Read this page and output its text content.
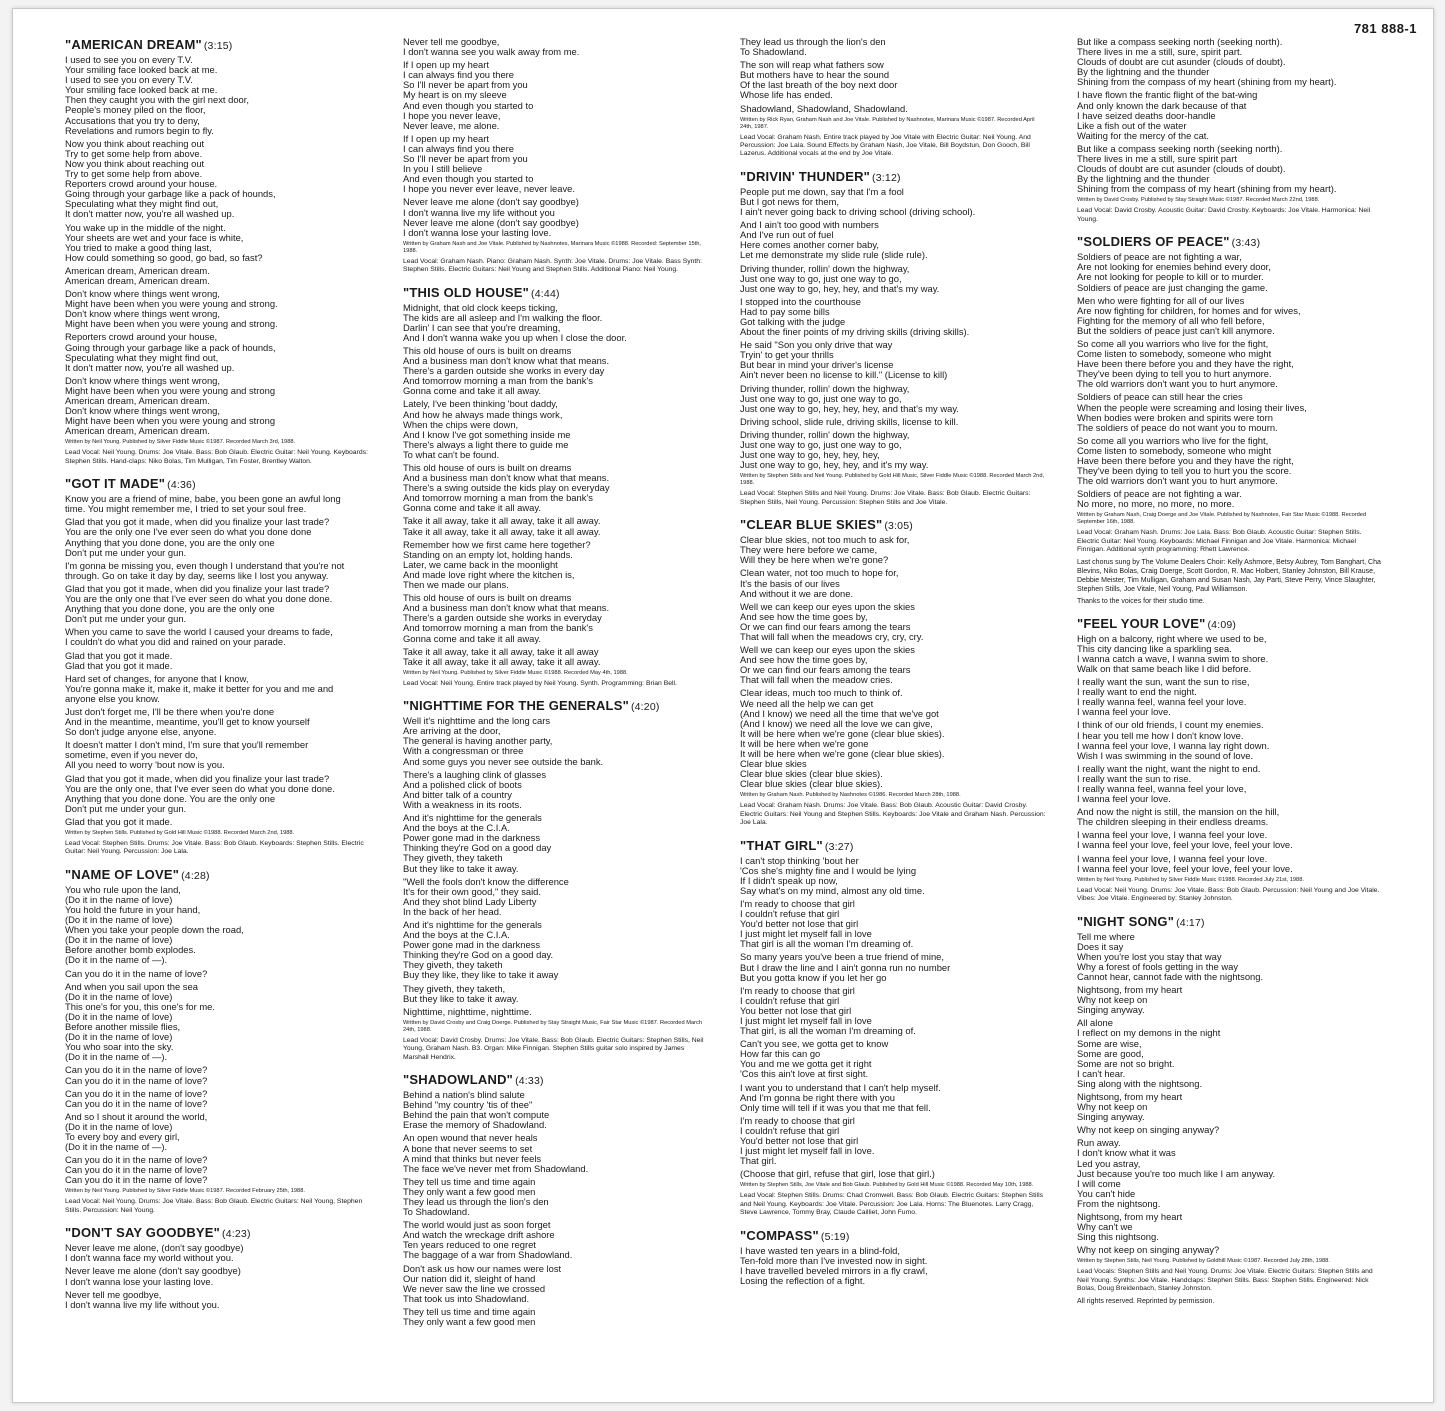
781 888-1
"AMERICAN DREAM" (3:15)
I used to see you on every T.V.
Your smiling face looked back at me.
I used to see you on every T.V.
Your smiling face looked back at me.
Then they caught you with the girl next door,
People's money piled on the floor,
Accusations that you try to deny,
Revelations and rumors begin to fly.
Now you think about reaching out
Try to get some help from above.
Now you think about reaching out
Try to get some help from above.
Reporters crowd around your house.
Going through your garbage like a pack of hounds,
Speculating what they might find out,
It don't matter now, you're all washed up.
You wake up in the middle of the night.
Your sheets are wet and your face is white,
You tried to make a good thing last,
How could something so good, go bad, so fast?
American dream, American dream.
American dream, American dream.
Don't know where things went wrong,
Might have been when you were young and strong.
Don't know where things went wrong,
Might have been when you were young and strong.
Reporters crowd around your house,
Going through your garbage like a pack of hounds,
Speculating what they might find out,
It don't matter now, you're all washed up.
Don't know where things went wrong,
Might have been when you were young and strong
American dream, American dream.
Don't know where things went wrong,
Might have been when you were young and strong
American dream, American dream.
Written by Neil Young. Published by Silver Fiddle Music ©1987. Recorded March 3rd, 1988.
Lead Vocal: Neil Young. Drums: Joe Vitale. Bass: Bob Glaub. Electric Guitar: Neil Young. Keyboards: Stephen Stills. Hand-claps: Niko Bolas, Tim Mulligan, Tim Foster, Brentley Walton.
"GOT IT MADE" (4:36)
Know you are a friend of mine, babe, you been gone an awful long
time. You might remember me, I tried to set your soul free.
Glad that you got it made, when did you finalize your last trade?
You are the only one I've ever seen do what you done done
Anything that you done done, you are the only one
Don't put me under your gun.
I'm gonna be missing you, even though I understand that you're not
through. Go on take it day by day, seems like I lost you anyway.
Glad that you got it made, when did you finalize your last trade?
You are the only one that I've ever seen do what you done done.
Anything that you done done, you are the only one
Don't put me under your gun.
When you came to save the world I caused your dreams to fade,
I couldn't do what you did and rained on your parade.
Glad that you got it made.
Glad that you got it made.
Hard set of changes, for anyone that I know,
You're gonna make it, make it, make it better for you and me and
anyone else you know.
Just don't forget me, I'll be there when you're done
And in the meantime, meantime, you'll get to know yourself
So don't judge anyone else, anyone.
It doesn't matter I don't mind, I'm sure that you'll remember
sometime, even if you never do,
All you need to worry 'bout now is you.
Glad that you got it made, when did you finalize your last trade?
You are the only one, that I've ever seen do what you done done.
Anything that you done done. You are the only one
Don't put me under your gun.
Glad that you got it made.
Written by Stephen Stills. Published by Gold Hill Music ©1988. Recorded March 2nd, 1988.
Lead Vocal: Stephen Stills. Drums: Joe Vitale. Bass: Bob Glaub. Keyboards: Stephen Stills. Electric Guitar: Neil Young. Percussion: Joe Lala.
"NAME OF LOVE" (4:28)
You who rule upon the land,
(Do it in the name of love)
You hold the future in your hand,
(Do it in the name of love)
When you take your people down the road,
(Do it in the name of love)
Before another bomb explodes.
(Do it in the name of —).
Can you do it in the name of love?
And when you sail upon the sea
(Do it in the name of love)
This one's for you, this one's for me.
(Do it in the name of love)
Before another missile flies,
(Do it in the name of love)
You who soar into the sky.
(Do it in the name of —).
Can you do it in the name of love?
Can you do it in the name of love?
Can you do it in the name of love?
Can you do it in the name of love?
And so I shout it around the world,
(Do it in the name of love)
To every boy and every girl,
(Do it in the name of —).
Can you do it in the name of love?
Can you do it in the name of love?
Can you do it in the name of love?
Written by Neil Young. Published by Silver Fiddle Music ©1987. Recorded February 25th, 1988.
Lead Vocal: Neil Young. Drums: Joe Vitale. Bass: Bob Glaub. Electric Guitars: Neil Young, Stephen Stills. Percussion: Neil Young.
"DON'T SAY GOODBYE" (4:23)
Never leave me alone, (don't say goodbye)
I don't wanna face my world without you.
Never leave me alone (don't say goodbye)
I don't wanna lose your lasting love.
Never tell me goodbye,
I don't wanna live my life without you.
Never tell me goodbye,
I don't wanna see you walk away from me.
If I open up my heart
I can always find you there
So I'll never be apart from you
My heart is on my sleeve
And even though you started to
I hope you never leave,
Never leave, me alone.
If I open up my heart
I can always find you there
So I'll never be apart from you
In you I still believe
And even though you started to
I hope you never ever leave, never leave.
Never leave me alone (don't say goodbye)
I don't wanna live my life without you
Never leave me alone (don't say goodbye)
I don't wanna lose your lasting love.
Written by Graham Nash and Joe Vitale. Published by Nashnotes, Marinara Music ©1988. Recorded: September 15th, 1988.
Lead Vocal: Graham Nash. Piano: Graham Nash. Synth: Joe Vitale. Drums: Joe Vitale. Bass Synth: Stephen Stills. Electric Guitars: Neil Young and Stephen Stills. Additional Piano: Neil Young.
"THIS OLD HOUSE" (4:44)
Midnight, that old clock keeps ticking,
The kids are all asleep and I'm walking the floor.
Darlin' I can see that you're dreaming,
And I don't wanna wake you up when I close the door.
This old house of ours is built on dreams
And a business man don't know what that means.
There's a garden outside she works in every day
And tomorrow morning a man from the bank's
Gonna come and take it all away.
Lately, I've been thinking 'bout daddy,
And how he always made things work,
When the chips were down,
And I know I've got something inside me
There's always a light there to guide me
To what can't be found.
This old house of ours is built on dreams
And a business man don't know what that means.
There's a swing outside the kids play on everyday
And tomorrow morning a man from the bank's
Gonna come and take it all away.
Take it all away, take it all away, take it all away.
Take it all away, take it all away, take it all away.
Remember how we first came here together?
Standing on an empty lot, holding hands.
Later, we came back in the moonlight
And made love right where the kitchen is,
Then we made our plans.
This old house of ours is built on dreams
And a business man don't know what that means.
There's a garden outside she works in everyday
And tomorrow morning a man from the bank's
Gonna come and take it all away.
Take it all away, take it all away, take it all away
Take it all away, take it all away, take it all away.
Written by Neil Young. Published by Silver Fiddle Music ©1988. Recorded May 4th, 1988.
Lead Vocal: Neil Young. Entire track played by Neil Young. Synth. Programming: Brian Bell.
"NIGHTTIME FOR THE GENERALS" (4:20)
Well it's nighttime and the long cars
Are arriving at the door,
The general is having another party,
With a congressman or three
And some guys you never see outside the bank.
There's a laughing clink of glasses
And a polished click of boots
And bitter talk of a country
With a weakness in its roots.
And it's nighttime for the generals
And the boys at the C.I.A.
Power gone mad in the darkness
Thinking they're God on a good day
They giveth, they taketh
But they like to take it away.
"Well the fools don't know the difference
It's for their own good," they said.
And they shot blind Lady Liberty
In the back of her head.
And it's nighttime for the generals
And the boys at the C.I.A.
Power gone mad in the darkness
Thinking they're God on a good day.
They giveth, they taketh
Buy they like, they like to take it away
They giveth, they taketh,
But they like to take it away.
Nighttime, nighttime, nighttime.
Written by David Crosby and Craig Doerge. Published by Stay Straight Music, Fair Star Music ©1987. Recorded March 24th, 1988.
Lead Vocal: David Crosby. Drums: Joe Vitale. Bass: Bob Glaub. Electric Guitars: Stephen Stills, Neil Young, Graham Nash. B3. Organ: Mike Finnigan. Stephen Stills guitar solo inspired by James Marshall Hendrix.
"SHADOWLAND" (4:33)
Behind a nation's blind salute
Behind "my country 'tis of thee"
Behind the pain that won't compute
Erase the memory of Shadowland.
An open wound that never heals
A bone that never seems to set
A mind that thinks but never feels
The face we've never met from Shadowland.
They tell us time and time again
They only want a few good men
They lead us through the lion's den
To Shadowland.
The world would just as soon forget
And watch the wreckage drift ashore
Ten years reduced to one regret
The baggage of a war from Shadowland.
Don't ask us how our names were lost
Our nation did it, sleight of hand
We never saw the line we crossed
That took us into Shadowland.
They tell us time and time again
They only want a few good men
They lead us through the lion's den
To Shadowland.
The son will reap what fathers sow
But mothers have to hear the sound
Of the last breath of the boy next door
Whose life has ended.
Shadowland, Shadowland, Shadowland.
Written by Rick Ryan, Graham Nash and Joe Vitale. Published by Nashnotes, Marinara Music ©1987. Recorded April 24th, 1987.
Lead Vocal: Graham Nash. Entire track played by Joe Vitale with Electric Guitar: Neil Young. And Percussion: Joe Lala. Sound Effects by Graham Nash, Joe Vitale, Bill Boydstun, Don Gooch, Bill Lazerus. Additional vocals at the end by Joe Vitale.
"DRIVIN' THUNDER" (3:12)
People put me down, say that I'm a fool
But I got news for them,
I ain't never going back to driving school (driving school).
And I ain't too good with numbers
And I've run out of fuel
Here comes another corner baby,
Let me demonstrate my slide rule (slide rule).
Driving thunder, rollin' down the highway,
Just one way to go, just one way to go,
Just one way to go, hey, hey, and that's my way.
I stopped into the courthouse
Had to pay some bills
Got talking with the judge
About the finer points of my driving skills (driving skills).
He said "Son you only drive that way
Tryin' to get your thrills
But bear in mind your driver's license
Ain't never been no license to kill." (License to kill)
Driving thunder, rollin' down the highway,
Just one way to go, just one way to go,
Just one way to go, hey, hey, hey, and that's my way.
Driving school, slide rule, driving skills, license to kill.
Driving thunder, rollin' down the highway,
Just one way to go, just one way to go,
Just one way to go, hey, hey, hey,
Just one way to go, hey, hey, and it's my way.
Written by Stephen Stills and Neil Young. Published by Gold Hill Music, Silver Fiddle Music ©1988. Recorded March 2nd, 1988.
Lead Vocal: Stephen Stills and Neil Young. Drums: Joe Vitale. Bass: Bob Glaub. Electric Guitars: Stephen Stills, Neil Young. Percussion: Stephen Stills and Joe Vitale.
"CLEAR BLUE SKIES" (3:05)
Clear blue skies, not too much to ask for,
They were here before we came,
Will they be here when we're gone?
Clean water, not too much to hope for,
It's the basis of our lives
And without it we are done.
Well we can keep our eyes upon the skies
And see how the time goes by,
Or we can find our fears among the tears
That will fall when the meadows cry, cry, cry.
Well we can keep our eyes upon the skies
And see how the time goes by,
Or we can find our fears among the tears
That will fall when the meadow cries.
Clear ideas, much too much to think of.
We need all the help we can get
(And I know) we need all the time that we've got
(And I know) we need all the love we can give,
It will be here when we're gone (clear blue skies).
It will be here when we're gone
It will be here when we're gone (clear blue skies).
Clear blue skies
Clear blue skies (clear blue skies).
Clear blue skies (clear blue skies).
Written by Graham Nash. Published by Nashnotes ©1986. Recorded March 28th, 1988.
Lead Vocal: Graham Nash. Drums: Joe Vitale. Bass: Bob Glaub. Acoustic Guitar: David Crosby. Electric Guitars: Neil Young and Stephen Stills. Keyboards: Joe Vitale and Graham Nash. Percussion: Joe Lala.
"THAT GIRL" (3:27)
I can't stop thinking 'bout her
'Cos she's mighty fine and I would be lying
If I didn't speak up now,
Say what's on my mind, almost any old time.
I'm ready to choose that girl
I couldn't refuse that girl
You'd better not lose that girl
I just might let myself fall in love
That girl is all the woman I'm dreaming of.
So many years you've been a true friend of mine,
But I draw the line and I ain't gonna run no number
But you gotta know if you let her go
I'm ready to choose that girl
I couldn't refuse that girl
You better not lose that girl
I just might let myself fall in love
That girl, is all the woman I'm dreaming of.
Can't you see, we gotta get to know
How far this can go
You and me we gotta get it right
'Cos this ain't love at first sight.
I want you to understand that I can't help myself.
And I'm gonna be right there with you
Only time will tell if it was you that me that fell.
I'm ready to choose that girl
I couldn't refuse that girl
You'd better not lose that girl
I just might let myself fall in love.
That girl.
(Choose that girl, refuse that girl, lose that girl.)
Written by Stephen Stills, Joe Vitale and Bob Glaub. Published by Gold Hill Music ©1988. Recorded May 10th, 1988.
Lead Vocal: Stephen Stills. Drums: Chad Cromwell. Bass: Bob Glaub. Electric Guitars: Stephen Stills and Neil Young. Keyboards: Joe Vitale. Percussion: Joe Lala. Horns: The Bluenotes. Larry Cragg, Steve Lawrence, Tommy Bray, Claude Cailliet, John Fumo.
"COMPASS" (5:19)
I have wasted ten years in a blind-fold,
Ten-fold more than I've invested now in sight.
I have travelled beveled mirrors in a fly crawl,
Losing the reflection of a fight.
But like a compass seeking north (seeking north).
There lives in me a still, sure, spirit part.
Clouds of doubt are cut asunder (clouds of doubt).
By the lightning and the thunder
Shining from the compass of my heart (shining from my heart).
I have flown the frantic flight of the bat-wing
And only known the dark because of that
I have seized deaths door-handle
Like a fish out of the water
Waiting for the mercy of the cat.
But like a compass seeking north (seeking north).
There lives in me a still, sure spirit part
Clouds of doubt are cut asunder (clouds of doubt).
By the lightning and the thunder
Shining from the compass of my heart (shining from my heart).
Written by David Crosby. Published by Stay Straight Music ©1987. Recorded March 22nd, 1988.
Lead Vocal: David Crosby. Acoustic Guitar: David Crosby. Keyboards: Joe Vitale. Harmonica: Neil Young.
"SOLDIERS OF PEACE" (3:43)
Soldiers of peace are not fighting a war,
Are not looking for enemies behind every door,
Are not looking for people to kill or to murder.
Soldiers of peace are just changing the game.
Men who were fighting for all of our lives
Are now fighting for children, for homes and for wives,
Fighting for the memory of all who fell before,
But the soldiers of peace just can't kill anymore.
So come all you warriors who live for the fight,
Come listen to somebody, someone who might
Have been there before you and they have the right,
They've been dying to tell you to hurt anymore.
The old warriors don't want you to hurt anymore.
Soldiers of peace can still hear the cries
When the people were screaming and losing their lives,
When bodies were broken and spirits were torn
The soldiers of peace do not want you to mourn.
So come all you warriors who live for the fight,
Come listen to somebody, someone who might
Have been there before you and they have the right,
They've been dying to tell you to hurt you the score.
The old warriors don't want you to hurt anymore.
Soldiers of peace are not fighting a war.
No more, no more, no more, no more.
Written by Graham Nash, Craig Doerge and Joe Vitale. Published by Nashnotes, Fair Star Music ©1988. Recorded September 16th, 1988.
Lead Vocal: Graham Nash. Drums: Joe Lala. Bass: Bob Glaub. Acoustic Guitar: Stephen Stills. Electric Guitar: Neil Young. Keyboards: Michael Finnigan and Joe Vitale. Harmonica: Michael Finnigan. Additional synth programming: Rhett Lawrence.
Last chorus sung by The Volume Dealers Choir: Kelly Ashmore, Betsy Aubrey, Tom Banghart, Cha Blevins, Niko Bolas, Craig Doerge, Scott Gordon, R. Mac Holbert, Stanley Johnston, Bill Krause, Debbie Meister, Tim Mulligan, Graham and Susan Nash, Jay Parti, Steve Perry, Vince Slaughter, Stephen Stills, Joe Vitale, Neil Young, Paul Williamson.
Thanks to the voices for their studio time.
"FEEL YOUR LOVE" (4:09)
High on a balcony, right where we used to be,
This city dancing like a sparkling sea.
I wanna catch a wave, I wanna swim to shore.
Walk on that same beach like I did before.
I really want the sun, want the sun to rise,
I really want to end the night.
I really wanna feel, wanna feel your love.
I wanna feel your love.
I think of our old friends, I count my enemies.
I hear you tell me how I don't know love.
I wanna feel your love, I wanna lay right down.
Wish I was swimming in the sound of love.
I really want the night, want the night to end.
I really want the sun to rise.
I really wanna feel, wanna feel your love,
I wanna feel your love.
And now the night is still, the mansion on the hill,
The children sleeping in their endless dreams.
I wanna feel your love, I wanna feel your love.
I wanna feel your love, feel your love, feel your love.
I wanna feel your love, I wanna feel your love.
I wanna feel your love, feel your love, feel your love.
Written by Neil Young. Published by Silver Fiddle Music ©1988. Recorded July 21st, 1988.
Lead Vocal: Neil Young. Drums: Joe Vitale. Bass: Bob Glaub. Percussion: Neil Young and Joe Vitale. Vibes: Joe Vitale. Engineered by: Stanley Johnston.
"NIGHT SONG" (4:17)
Tell me where
Does it say
When you're lost you stay that way
Why a forest of fools getting in the way
Cannot hear, cannot fade with the nightsong.
Nightsong, from my heart
Why not keep on
Singing anyway.
All alone
I reflect on my demons in the night
Some are wise,
Some are good,
Some are not so bright.
I can't hear.
Sing along with the nightsong.
Nightsong, from my heart
Why not keep on
Singing anyway.
Why not keep on singing anyway?
Run away.
I don't know what it was
Led you astray,
Just because you're too much like I am anyway.
I will come
You can't hide
From the nightsong.
Nightsong, from my heart
Why can't we
Sing this nightsong.
Why not keep on singing anyway?
Written by Stephen Stills, Neil Young. Published by Goldhill Music ©1987. Recorded July 28th, 1988.
Lead Vocals: Stephen Stills and Neil Young. Drums: Joe Vitale. Electric Guitars: Stephen Stills and Neil Young. Synths: Joe Vitale. Handclaps: Stephen Stills. Bass: Stephen Stills. Engineered: Nick Bolas, Doug Breidenbach, Stanley Johnston.
All rights reserved. Reprinted by permission.
